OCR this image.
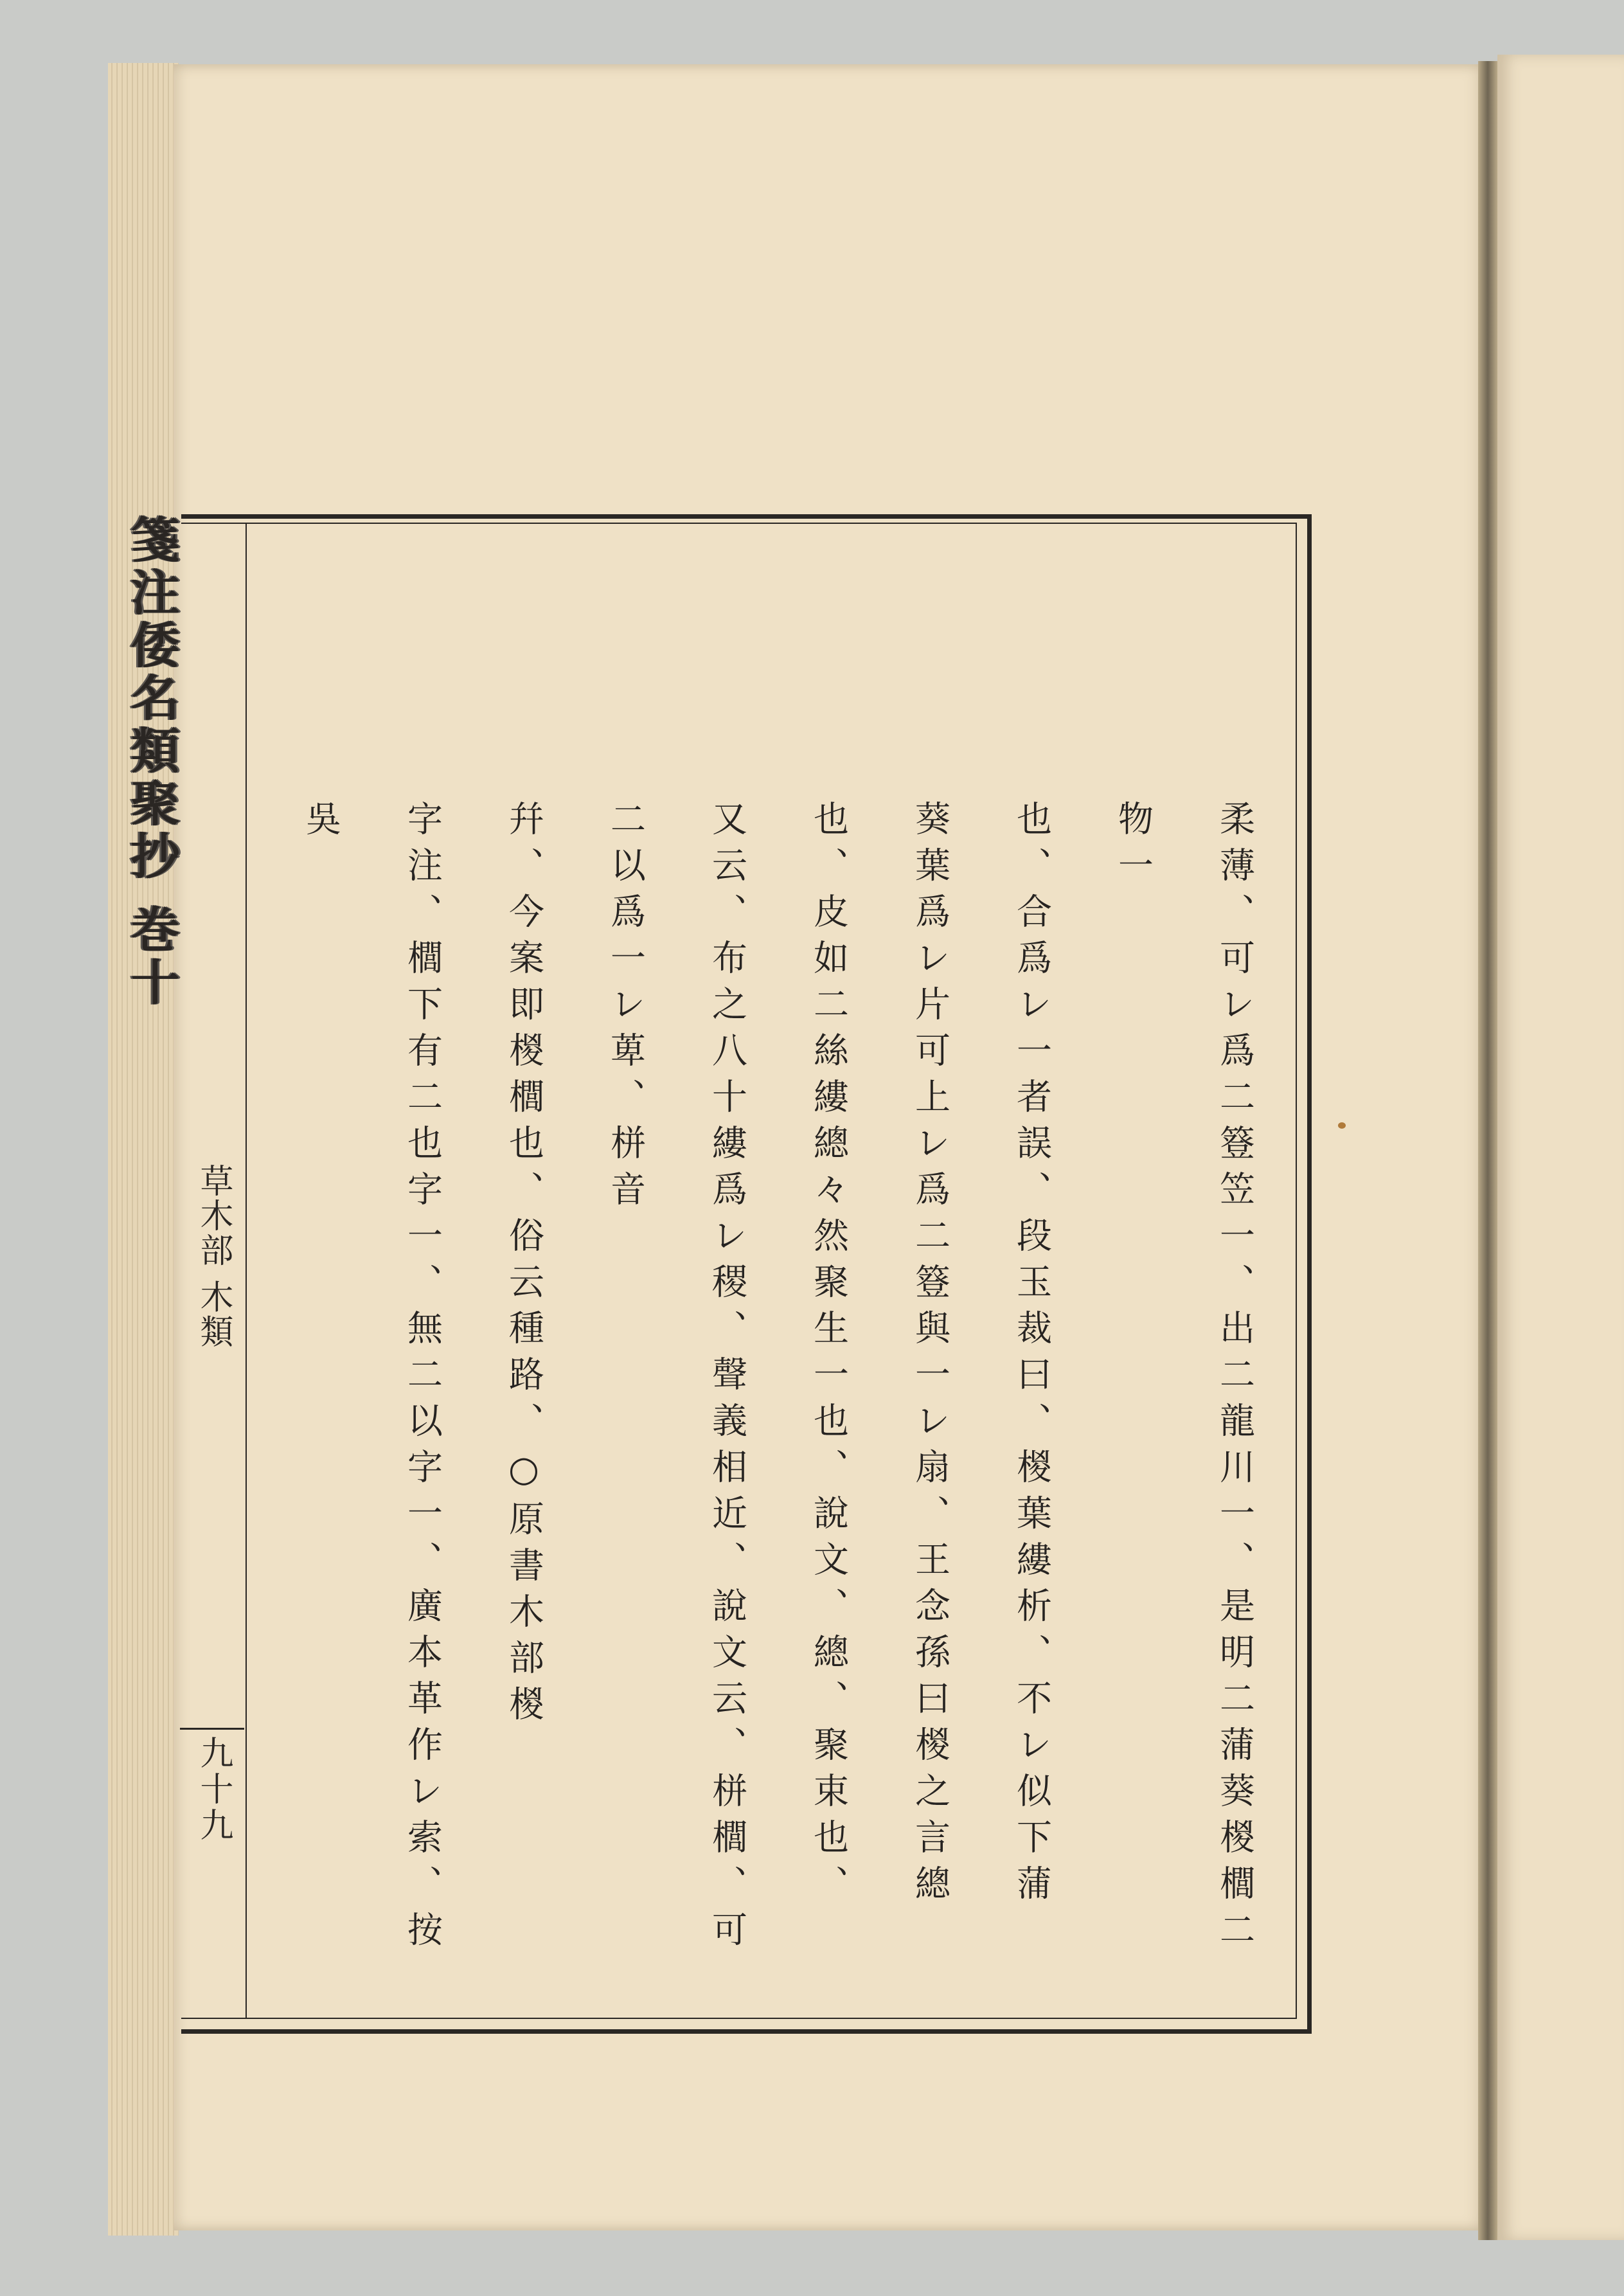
箋注倭名類聚抄 巻十
草木部 木類
九十九	柔薄、可レ爲二簦笠一、出二龍川一、是明二蒲葵椶櫚二物一
也、合爲レ一者誤、段玉裁曰、椶葉縷析、不レ似下蒲
葵葉爲レ片可上レ爲二簦與一レ扇、王念孫曰椶之言總
也、皮如二絲縷總々然聚生一也、說文、總、聚束也、
又云、布之八十縷爲レ稷、聲義相近、說文云、栟櫚、可二以爲一レ萆、栟音
幷、今案即椶櫚也、俗云種路、○原書木部椶
字注、櫚下有二也字一、無二以字一、廣本革作レ索、按吳
